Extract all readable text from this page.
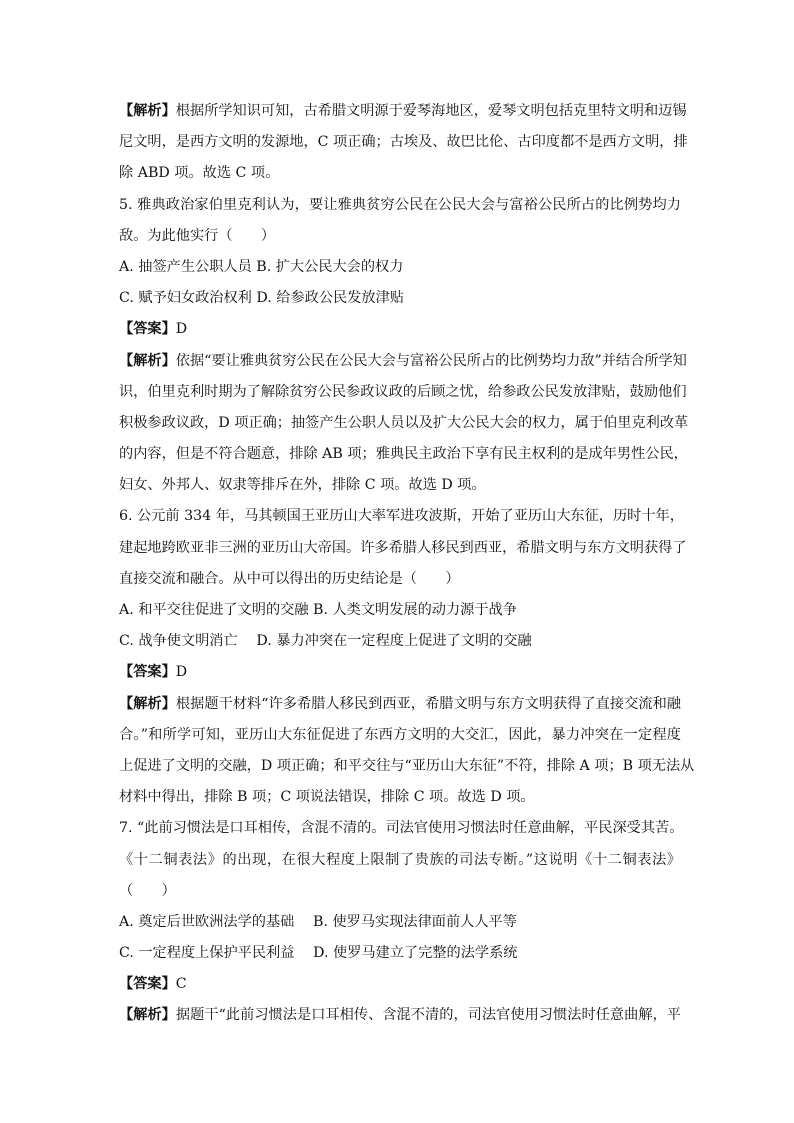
【解析】根据所学知识可知，古希腊文明源于爱琴海地区，爱琴文明包括克里特文明和迈锡
尼文明，是西方文明的发源地，C 项正确；古埃及、故巴比伦、古印度都不是西方文明，排
除 ABD 项。故选 C 项。
5. 雅典政治家伯里克利认为，要让雅典贫穷公民在公民大会与富裕公民所占的比例势均力
敌。为此他实行（　　）
A. 抽签产生公职人员 B. 扩大公民大会的权力
C. 赋予妇女政治权利 D. 给参政公民发放津贴
【答案】D
【解析】依据“要让雅典贫穷公民在公民大会与富裕公民所占的比例势均力敌”并结合所学知
识，伯里克利时期为了解除贫穷公民参政议政的后顾之忧，给参政公民发放津贴，鼓励他们
积极参政议政，D 项正确；抽签产生公职人员以及扩大公民大会的权力，属于伯里克利改革
的内容，但是不符合题意，排除 AB 项；雅典民主政治下享有民主权利的是成年男性公民，
妇女、外邦人、奴隶等排斥在外，排除 C 项。故选 D 项。
6. 公元前 334 年，马其顿国王亚历山大率军进攻波斯，开始了亚历山大东征，历时十年，
建起地跨欧亚非三洲的亚历山大帝国。许多希腊人移民到西亚，希腊文明与东方文明获得了
直接交流和融合。从中可以得出的历史结论是（　　）
A. 和平交往促进了文明的交融 B. 人类文明发展的动力源于战争
C. 战争使文明消亡　 D. 暴力冲突在一定程度上促进了文明的交融
【答案】D
【解析】根据题干材料“许多希腊人移民到西亚，希腊文明与东方文明获得了直接交流和融
合。”和所学可知，亚历山大东征促进了东西方文明的大交汇，因此，暴力冲突在一定程度
上促进了文明的交融，D 项正确；和平交往与“亚历山大东征”不符，排除 A 项；B 项无法从
材料中得出，排除 B 项；C 项说法错误，排除 C 项。故选 D 项。
7. “此前习惯法是口耳相传，含混不清的。司法官使用习惯法时任意曲解，平民深受其苦。
《十二铜表法》的出现，在很大程度上限制了贵族的司法专断。”这说明《十二铜表法》
（　　）
A. 奠定后世欧洲法学的基础　 B. 使罗马实现法律面前人人平等
C. 一定程度上保护平民利益　 D. 使罗马建立了完整的法学系统
【答案】C
【解析】据题干“此前习惯法是口耳相传、含混不清的，司法官使用习惯法时任意曲解，平
